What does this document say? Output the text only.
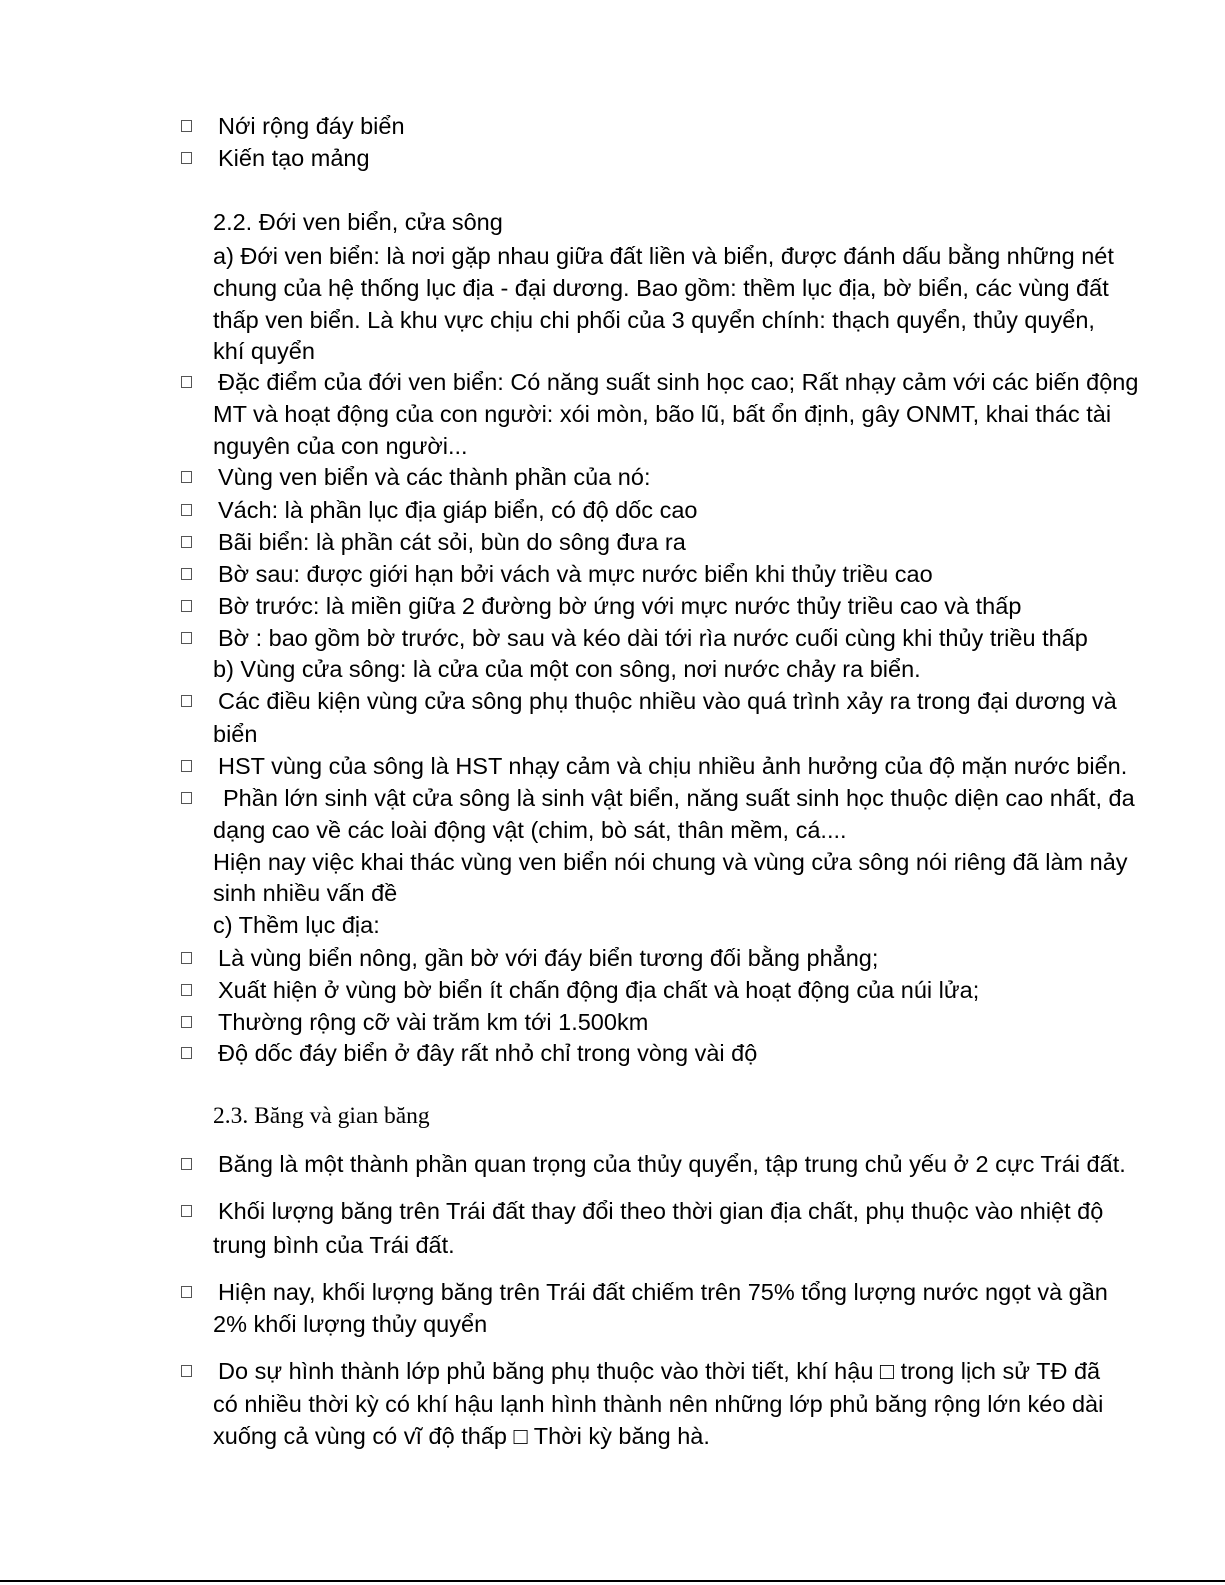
Nới rộng đáy biển

Kiến tạo mảng

2.2. Đới ven biển, cửa sông

a) Đới ven biển: là nơi gặp nhau giữa đất liền và biển, được đánh dấu bằng những nét

chung của hệ thống lục địa - đại dương. Bao gồm: thềm lục địa, bờ biển, các vùng đất

thấp ven biển. Là khu vực chịu chi phối của 3 quyển chính: thạch quyển, thủy quyển,

khí quyển

Đặc điểm của đới ven biển: Có năng suất sinh học cao; Rất nhạy cảm với các biến động

MT và hoạt động của con người: xói mòn, bão lũ, bất ổn định, gây ONMT, khai thác tài

nguyên của con người...

Vùng ven biển và các thành phần của nó:

Vách: là phần lục địa giáp biển, có độ dốc cao

Bãi biển: là phần cát sỏi, bùn do sông đưa ra

Bờ sau: được giới hạn bởi vách và mực nước biển khi thủy triều cao

Bờ trước: là miền giữa 2 đường bờ ứng với mực nước thủy triều cao và thấp

Bờ : bao gồm bờ trước, bờ sau và kéo dài tới rìa nước cuối cùng khi thủy triều thấp

b) Vùng cửa sông: là cửa của một con sông, nơi nước chảy ra biển.

Các điều kiện vùng cửa sông phụ thuộc nhiều vào quá trình xảy ra trong đại dương và

biển

HST vùng của sông là HST nhạy cảm và chịu nhiều ảnh hưởng của độ mặn nước biển.

Phần lớn sinh vật cửa sông là sinh vật biển, năng suất sinh học thuộc diện cao nhất, đa

dạng cao về các loài động vật (chim, bò sát, thân mềm, cá....

Hiện nay việc khai thác vùng ven biển nói chung và vùng cửa sông nói riêng đã làm nảy

sinh nhiều vấn đề

c) Thềm lục địa:

Là vùng biển nông, gần bờ với đáy biển tương đối bằng phẳng;

Xuất hiện ở vùng bờ biển ít chấn động địa chất và hoạt động của núi lửa;

Thường rộng cỡ vài trăm km tới 1.500km

Độ dốc đáy biển ở đây rất nhỏ chỉ trong vòng vài độ

2.3. Băng và gian băng

Băng là một thành phần quan trọng của thủy quyển, tập trung chủ yếu ở 2 cực Trái đất.

Khối lượng băng trên Trái đất thay đổi theo thời gian địa chất, phụ thuộc vào nhiệt độ

trung bình của Trái đất.

Hiện nay, khối lượng băng trên Trái đất chiếm trên 75% tổng lượng nước ngọt và gần

2% khối lượng thủy quyển

Do sự hình thành lớp phủ băng phụ thuộc vào thời tiết, khí hậu □ trong lịch sử TĐ đã

có nhiều thời kỳ có khí hậu lạnh hình thành nên những lớp phủ băng rộng lớn kéo dài

xuống cả vùng có vĩ độ thấp □ Thời kỳ băng hà.
